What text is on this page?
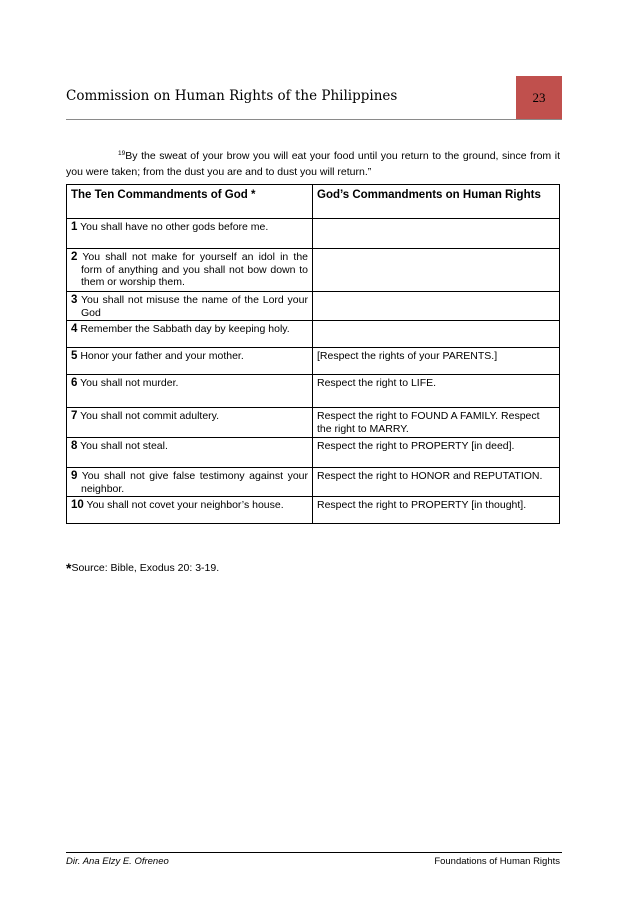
Commission on Human Rights of the Philippines	23
$^{19}$By the sweat of your brow you will eat your food until you return to the ground, since from it you were taken; from the dust you are and to dust you will return.”
The Ten Commandments of God *	God’s Commandments on Human Rights

1 You shall have no other gods before me.	

2 You shall not make for yourself an idol in the form of anything and you shall not bow down to them or worship them.	

3 You shall not misuse the name of the Lord your God	

4 Remember the Sabbath day by keeping holy.	

5 Honor your father and your mother.	[Respect the rights of your PARENTS.]

6 You shall not murder.	Respect the right to LIFE.

7 You shall not commit adultery.	Respect the right to FOUND A FAMILY. Respect the right to MARRY.

8 You shall not steal.	Respect the right to PROPERTY [in deed].

9 You shall not give false testimony against your neighbor.	Respect the right to HONOR and REPUTATION.

10 You shall not covet your neighbor’s house.	Respect the right to PROPERTY [in thought].
*Source: Bible, Exodus 20: 3-19.
Dir. Ana Elzy E. Ofreneo	Foundations of Human Rights
